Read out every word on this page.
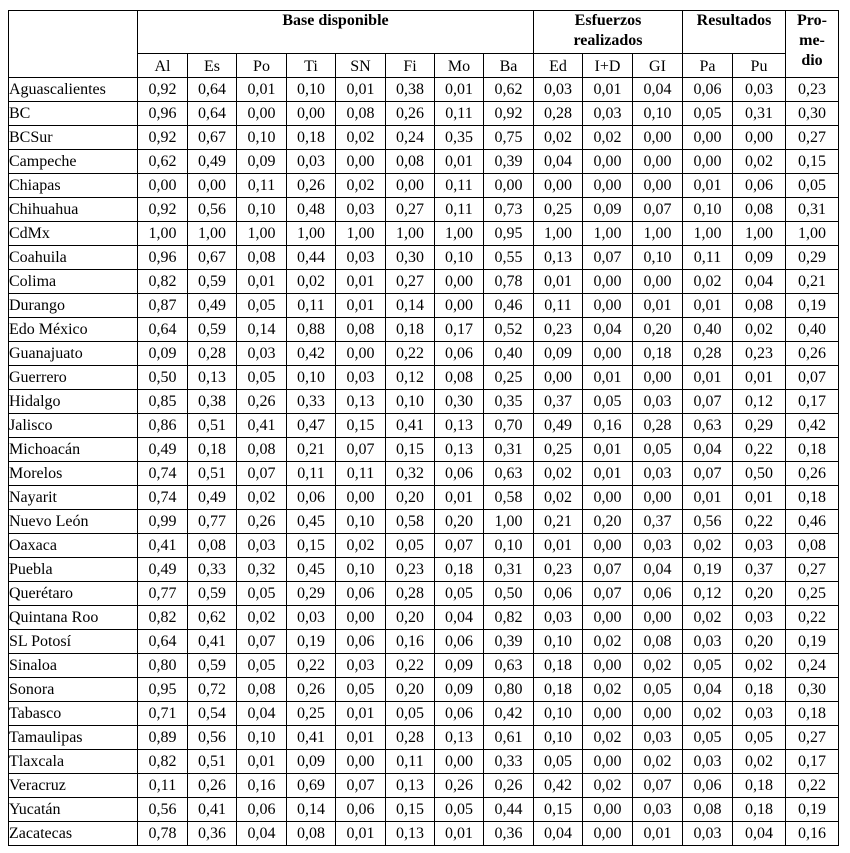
	Base disponible								Esfuerzos
realizados			Resultados		Pro-
me-
dio
	Al	Es	Po	Ti	SN	Fi	Mo	Ba	Ed	I+D	GI	Pa	Pu	
Aguascalientes	0,92	0,64	0,01	0,10	0,01	0,38	0,01	0,62	0,03	0,01	0,04	0,06	0,03	0,23
BC	0,96	0,64	0,00	0,00	0,08	0,26	0,11	0,92	0,28	0,03	0,10	0,05	0,31	0,30
BCSur	0,92	0,67	0,10	0,18	0,02	0,24	0,35	0,75	0,02	0,02	0,00	0,00	0,00	0,27
Campeche	0,62	0,49	0,09	0,03	0,00	0,08	0,01	0,39	0,04	0,00	0,00	0,00	0,02	0,15
Chiapas	0,00	0,00	0,11	0,26	0,02	0,00	0,11	0,00	0,00	0,00	0,00	0,01	0,06	0,05
Chihuahua	0,92	0,56	0,10	0,48	0,03	0,27	0,11	0,73	0,25	0,09	0,07	0,10	0,08	0,31
CdMx	1,00	1,00	1,00	1,00	1,00	1,00	1,00	0,95	1,00	1,00	1,00	1,00	1,00	1,00
Coahuila	0,96	0,67	0,08	0,44	0,03	0,30	0,10	0,55	0,13	0,07	0,10	0,11	0,09	0,29
Colima	0,82	0,59	0,01	0,02	0,01	0,27	0,00	0,78	0,01	0,00	0,00	0,02	0,04	0,21
Durango	0,87	0,49	0,05	0,11	0,01	0,14	0,00	0,46	0,11	0,00	0,01	0,01	0,08	0,19
Edo México	0,64	0,59	0,14	0,88	0,08	0,18	0,17	0,52	0,23	0,04	0,20	0,40	0,02	0,40
Guanajuato	0,09	0,28	0,03	0,42	0,00	0,22	0,06	0,40	0,09	0,00	0,18	0,28	0,23	0,26
Guerrero	0,50	0,13	0,05	0,10	0,03	0,12	0,08	0,25	0,00	0,01	0,00	0,01	0,01	0,07
Hidalgo	0,85	0,38	0,26	0,33	0,13	0,10	0,30	0,35	0,37	0,05	0,03	0,07	0,12	0,17
Jalisco	0,86	0,51	0,41	0,47	0,15	0,41	0,13	0,70	0,49	0,16	0,28	0,63	0,29	0,42
Michoacán	0,49	0,18	0,08	0,21	0,07	0,15	0,13	0,31	0,25	0,01	0,05	0,04	0,22	0,18
Morelos	0,74	0,51	0,07	0,11	0,11	0,32	0,06	0,63	0,02	0,01	0,03	0,07	0,50	0,26
Nayarit	0,74	0,49	0,02	0,06	0,00	0,20	0,01	0,58	0,02	0,00	0,00	0,01	0,01	0,18
Nuevo León	0,99	0,77	0,26	0,45	0,10	0,58	0,20	1,00	0,21	0,20	0,37	0,56	0,22	0,46
Oaxaca	0,41	0,08	0,03	0,15	0,02	0,05	0,07	0,10	0,01	0,00	0,03	0,02	0,03	0,08
Puebla	0,49	0,33	0,32	0,45	0,10	0,23	0,18	0,31	0,23	0,07	0,04	0,19	0,37	0,27
Querétaro	0,77	0,59	0,05	0,29	0,06	0,28	0,05	0,50	0,06	0,07	0,06	0,12	0,20	0,25
Quintana Roo	0,82	0,62	0,02	0,03	0,00	0,20	0,04	0,82	0,03	0,00	0,00	0,02	0,03	0,22
SL Potosí	0,64	0,41	0,07	0,19	0,06	0,16	0,06	0,39	0,10	0,02	0,08	0,03	0,20	0,19
Sinaloa	0,80	0,59	0,05	0,22	0,03	0,22	0,09	0,63	0,18	0,00	0,02	0,05	0,02	0,24
Sonora	0,95	0,72	0,08	0,26	0,05	0,20	0,09	0,80	0,18	0,02	0,05	0,04	0,18	0,30
Tabasco	0,71	0,54	0,04	0,25	0,01	0,05	0,06	0,42	0,10	0,00	0,00	0,02	0,03	0,18
Tamaulipas	0,89	0,56	0,10	0,41	0,01	0,28	0,13	0,61	0,10	0,02	0,03	0,05	0,05	0,27
Tlaxcala	0,82	0,51	0,01	0,09	0,00	0,11	0,00	0,33	0,05	0,00	0,02	0,03	0,02	0,17
Veracruz	0,11	0,26	0,16	0,69	0,07	0,13	0,26	0,26	0,42	0,02	0,07	0,06	0,18	0,22
Yucatán	0,56	0,41	0,06	0,14	0,06	0,15	0,05	0,44	0,15	0,00	0,03	0,08	0,18	0,19
Zacatecas	0,78	0,36	0,04	0,08	0,01	0,13	0,01	0,36	0,04	0,00	0,01	0,03	0,04	0,16
